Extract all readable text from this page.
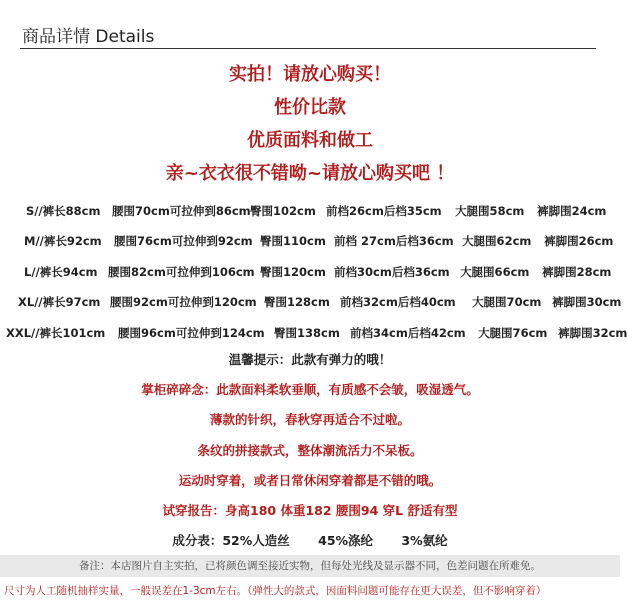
商品详情 Details
实拍！请放心购买！
性价比款
优质面料和做工
亲~衣衣很不错呦~请放心购买吧 ！
S//裤长88cm 腰围70cm可拉伸到86cm 臀围102cm 前档26cm后档35cm 大腿围58cm 裤脚围24cm
M//裤长92cm 腰围76cm可拉伸到92cm 臀围110cm 前档 27cm后档36cm 大腿围62cm 裤脚围26cm
L//裤长94cm 腰围82cm可拉伸到106cm 臀围120cm 前档30cm后档36cm 大腿围66cm 裤脚围28cm
XL//裤长97cm 腰围92cm可拉伸到120cm 臀围128cm 前档32cm后档40cm 大腿围70cm 裤脚围30cm
XXL//裤长101cm 腰围96cm可拉伸到124cm 臀围138cm 前档34cm后档42cm 大腿围76cm 裤脚围32cm
温馨提示：此款有弹力的哦！
掌柜碎碎念：此款面料柔软垂顺，有质感不会皱，吸湿透气。
薄款的针织，春秋穿再适合不过啦。
条纹的拼接款式，整体潮流活力不呆板。
运动时穿着，或者日常休闲穿着都是不错的哦。
试穿报告：身高180 体重182 腰围94 穿L 舒适有型
成分表：52%人造丝 45%涤纶 3%氨纶
备注：本店图片自主实拍，已将颜色调至接近实物，但每处光线及显示器不同，色差问题在所难免。
尺寸为人工随机抽样实量，一般误差在1-3cm左右。（弹性大的款式，因面料问题可能存在更大误差，但不影响穿着）
